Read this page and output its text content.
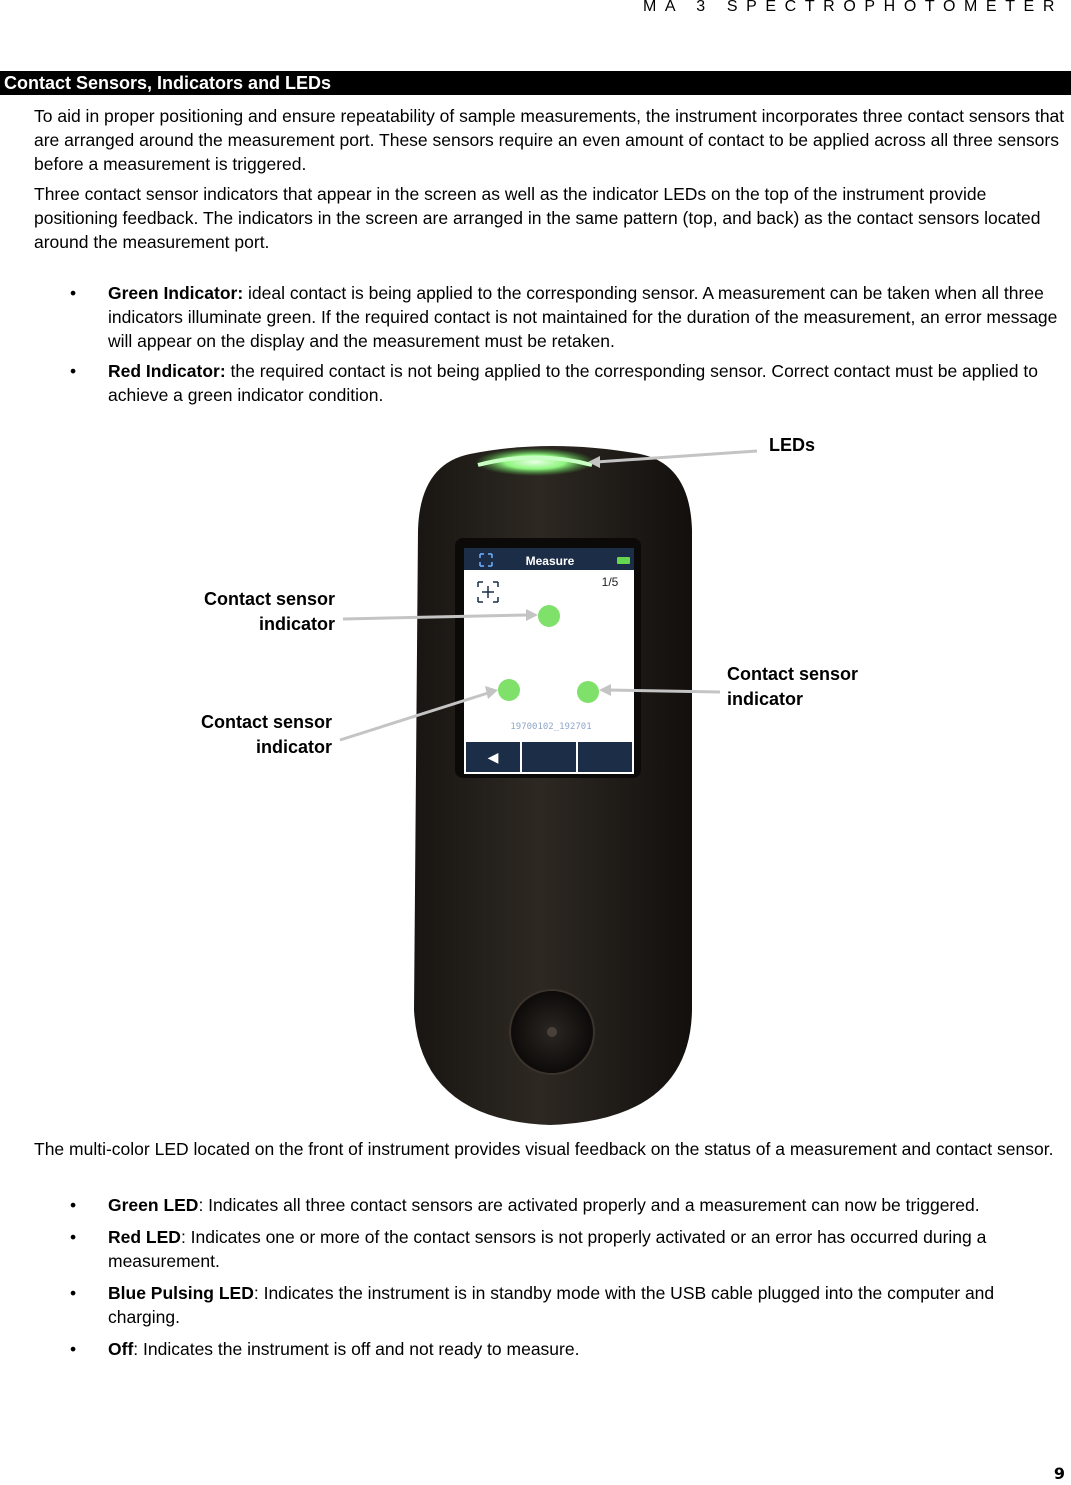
MA 3 SPECTROPHOTOMETER
Contact Sensors, Indicators and LEDs

To aid in proper positioning and ensure repeatability of sample measurements, the instrument incorporates three contact sensors that are arranged around the measurement port. These sensors require an even amount of contact to be applied across all three sensors before a measurement is triggered.

Three contact sensor indicators that appear in the screen as well as the indicator LEDs on the top of the instrument provide positioning feedback. The indicators in the screen are arranged in the same pattern (top, and back) as the contact sensors located around the measurement port.

• Green Indicator: ideal contact is being applied to the corresponding sensor. A measurement can be taken when all three indicators illuminate green. If the required contact is not maintained for the duration of the measurement, an error message will appear on the display and the measurement must be retaken.
• Red Indicator: the required contact is not being applied to the corresponding sensor. Correct contact must be applied to achieve a green indicator condition.
Measure
1/5
19700102_192701
◀
LEDs
Contact sensor
indicator
Contact sensor
indicator
Contact sensor
indicator

The multi-color LED located on the front of instrument provides visual feedback on the status of a measurement and contact sensor.

• Green LED: Indicates all three contact sensors are activated properly and a measurement can now be triggered.
• Red LED: Indicates one or more of the contact sensors is not properly activated or an error has occurred during a measurement.
• Blue Pulsing LED: Indicates the instrument is in standby mode with the USB cable plugged into the computer and charging.
• Off: Indicates the instrument is off and not ready to measure.
9
